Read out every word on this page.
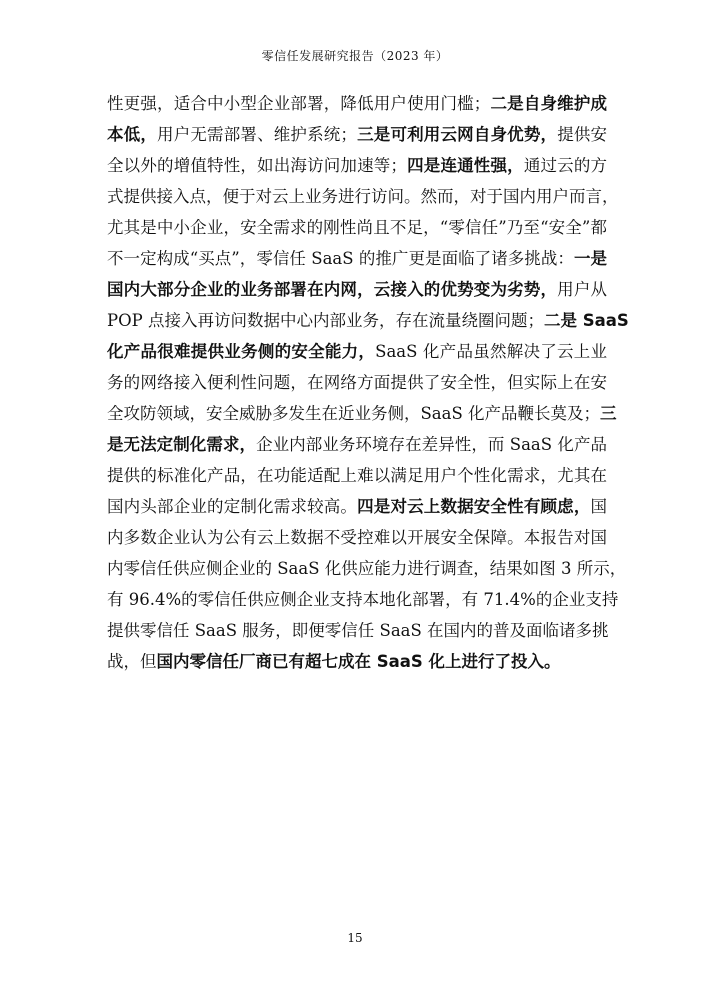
零信任发展研究报告（2023 年）
性更强，适合中小型企业部署，降低用户使用门槛；二是自身维护成
本低，用户无需部署、维护系统；三是可利用云网自身优势，提供安
全以外的增值特性，如出海访问加速等；四是连通性强，通过云的方
式提供接入点，便于对云上业务进行访问。然而，对于国内用户而言，
尤其是中小企业，安全需求的刚性尚且不足，“零信任”乃至“安全”都
不一定构成“买点”，零信任 SaaS 的推广更是面临了诸多挑战：一是
国内大部分企业的业务部署在内网，云接入的优势变为劣势，用户从
POP 点接入再访问数据中心内部业务，存在流量绕圈问题；二是 SaaS
化产品很难提供业务侧的安全能力，SaaS 化产品虽然解决了云上业
务的网络接入便利性问题，在网络方面提供了安全性，但实际上在安
全攻防领域，安全威胁多发生在近业务侧，SaaS 化产品鞭长莫及；三
是无法定制化需求，企业内部业务环境存在差异性，而 SaaS 化产品
提供的标准化产品，在功能适配上难以满足用户个性化需求，尤其在
国内头部企业的定制化需求较高。四是对云上数据安全性有顾虑，国
内多数企业认为公有云上数据不受控难以开展安全保障。本报告对国
内零信任供应侧企业的 SaaS 化供应能力进行调查，结果如图 3 所示，
有 96.4%的零信任供应侧企业支持本地化部署，有 71.4%的企业支持
提供零信任 SaaS 服务，即便零信任 SaaS 在国内的普及面临诸多挑
战，但国内零信任厂商已有超七成在 SaaS 化上进行了投入。
15
